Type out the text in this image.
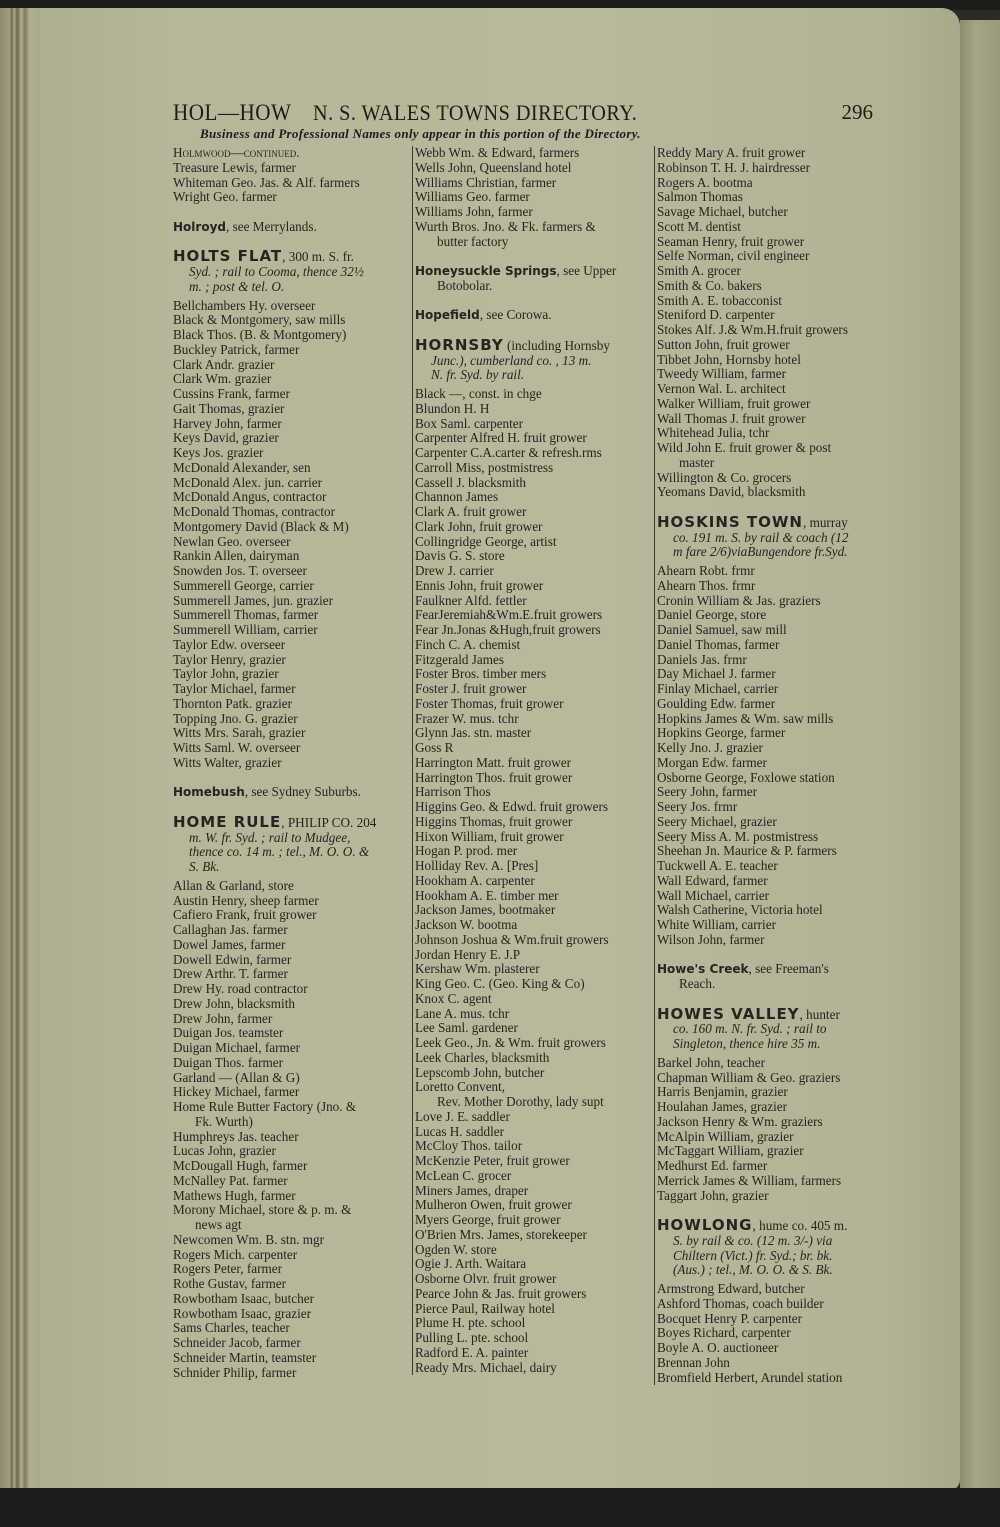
HOL—HOW N. S. WALES TOWNS DIRECTORY.	296
Business and Professional Names only appear in this portion of the Directory.
Holmwood—continued.
Treasure Lewis, farmer
Whiteman Geo. Jas. & Alf. farmers
Wright Geo. farmer
Holroyd, see Merrylands.
HOLTS FLAT, 300 m. S. fr.
Syd. ; rail to Cooma, thence 32½
m. ; post & tel. O.
Bellchambers Hy. overseer
Black & Montgomery, saw mills
Black Thos. (B. & Montgomery)
Buckley Patrick, farmer
Clark Andr. grazier
Clark Wm. grazier
Cussins Frank, farmer
Gait Thomas, grazier
Harvey John, farmer
Keys David, grazier
Keys Jos. grazier
McDonald Alexander, sen
McDonald Alex. jun. carrier
McDonald Angus, contractor
McDonald Thomas, contractor
Montgomery David (Black & M)
Newlan Geo. overseer
Rankin Allen, dairyman
Snowden Jos. T. overseer
Summerell George, carrier
Summerell James, jun. grazier
Summerell Thomas, farmer
Summerell William, carrier
Taylor Edw. overseer
Taylor Henry, grazier
Taylor John, grazier
Taylor Michael, farmer
Thornton Patk. grazier
Topping Jno. G. grazier
Witts Mrs. Sarah, grazier
Witts Saml. W. overseer
Witts Walter, grazier
Homebush, see Sydney Suburbs.
HOME RULE, PHILIP CO. 204
m. W. fr. Syd. ; rail to Mudgee,
thence co. 14 m. ; tel., M. O. O. &
S. Bk.
Allan & Garland, store
Austin Henry, sheep farmer
Cafiero Frank, fruit grower
Callaghan Jas. farmer
Dowel James, farmer
Dowell Edwin, farmer
Drew Arthr. T. farmer
Drew Hy. road contractor
Drew John, blacksmith
Drew John, farmer
Duigan Jos. teamster
Duigan Michael, farmer
Duigan Thos. farmer
Garland — (Allan & G)
Hickey Michael, farmer
Home Rule Butter Factory (Jno. &
Fk. Wurth)
Humphreys Jas. teacher
Lucas John, grazier
McDougall Hugh, farmer
McNalley Pat. farmer
Mathews Hugh, farmer
Morony Michael, store & p. m. &
news agt
Newcomen Wm. B. stn. mgr
Rogers Mich. carpenter
Rogers Peter, farmer
Rothe Gustav, farmer
Rowbotham Isaac, butcher
Rowbotham Isaac, grazier
Sams Charles, teacher
Schneider Jacob, farmer
Schneider Martin, teamster
Schnider Philip, farmer
Webb Wm. & Edward, farmers
Wells John, Queensland hotel
Williams Christian, farmer
Williams Geo. farmer
Williams John, farmer
Wurth Bros. Jno. & Fk. farmers &
butter factory
Honeysuckle Springs, see Upper
Botobolar.
Hopefield, see Corowa.
HORNSBY (including Hornsby
Junc.), cumberland co. , 13 m.
N. fr. Syd. by rail.
Black —, const. in chge
Blundon H. H
Box Saml. carpenter
Carpenter Alfred H. fruit grower
Carpenter C.A.carter & refresh.rms
Carroll Miss, postmistress
Cassell J. blacksmith
Channon James
Clark A. fruit grower
Clark John, fruit grower
Collingridge George, artist
Davis G. S. store
Drew J. carrier
Ennis John, fruit grower
Faulkner Alfd. fettler
FearJeremiah&Wm.E.fruit growers
Fear Jn.Jonas &Hugh,fruit growers
Finch C. A. chemist
Fitzgerald James
Foster Bros. timber mers
Foster J. fruit grower
Foster Thomas, fruit grower
Frazer W. mus. tchr
Glynn Jas. stn. master
Goss R
Harrington Matt. fruit grower
Harrington Thos. fruit grower
Harrison Thos
Higgins Geo. & Edwd. fruit growers
Higgins Thomas, fruit grower
Hixon William, fruit grower
Hogan P. prod. mer
Holliday Rev. A. [Pres]
Hookham A. carpenter
Hookham A. E. timber mer
Jackson James, bootmaker
Jackson W. bootma
Johnson Joshua & Wm.fruit growers
Jordan Henry E. J.P
Kershaw Wm. plasterer
King Geo. C. (Geo. King & Co)
Knox C. agent
Lane A. mus. tchr
Lee Saml. gardener
Leek Geo., Jn. & Wm. fruit growers
Leek Charles, blacksmith
Lepscomb John, butcher
Loretto Convent,
Rev. Mother Dorothy, lady supt
Love J. E. saddler
Lucas H. saddler
McCloy Thos. tailor
McKenzie Peter, fruit grower
McLean C. grocer
Miners James, draper
Mulheron Owen, fruit grower
Myers George, fruit grower
O'Brien Mrs. James, storekeeper
Ogden W. store
Ogie J. Arth. Waitara
Osborne Olvr. fruit grower
Pearce John & Jas. fruit growers
Pierce Paul, Railway hotel
Plume H. pte. school
Pulling L. pte. school
Radford E. A. painter
Ready Mrs. Michael, dairy
Reddy Mary A. fruit grower
Robinson T. H. J. hairdresser
Rogers A. bootma
Salmon Thomas
Savage Michael, butcher
Scott M. dentist
Seaman Henry, fruit grower
Selfe Norman, civil engineer
Smith A. grocer
Smith & Co. bakers
Smith A. E. tobacconist
Steniford D. carpenter
Stokes Alf. J.& Wm.H.fruit growers
Sutton John, fruit grower
Tibbet John, Hornsby hotel
Tweedy William, farmer
Vernon Wal. L. architect
Walker William, fruit grower
Wall Thomas J. fruit grower
Whitehead Julia, tchr
Wild John E. fruit grower & post
master
Willington & Co. grocers
Yeomans David, blacksmith
HOSKINS TOWN, murray
co. 191 m. S. by rail & coach (12
m fare 2/6)viaBungendore fr.Syd.
Ahearn Robt. frmr
Ahearn Thos. frmr
Cronin William & Jas. graziers
Daniel George, store
Daniel Samuel, saw mill
Daniel Thomas, farmer
Daniels Jas. frmr
Day Michael J. farmer
Finlay Michael, carrier
Goulding Edw. farmer
Hopkins James & Wm. saw mills
Hopkins George, farmer
Kelly Jno. J. grazier
Morgan Edw. farmer
Osborne George, Foxlowe station
Seery John, farmer
Seery Jos. frmr
Seery Michael, grazier
Seery Miss A. M. postmistress
Sheehan Jn. Maurice & P. farmers
Tuckwell A. E. teacher
Wall Edward, farmer
Wall Michael, carrier
Walsh Catherine, Victoria hotel
White William, carrier
Wilson John, farmer
Howe's Creek, see Freeman's
Reach.
HOWES VALLEY, hunter
co. 160 m. N. fr. Syd. ; rail to
Singleton, thence hire 35 m.
Barkel John, teacher
Chapman William & Geo. graziers
Harris Benjamin, grazier
Houlahan James, grazier
Jackson Henry & Wm. graziers
McAlpin William, grazier
McTaggart William, grazier
Medhurst Ed. farmer
Merrick James & William, farmers
Taggart John, grazier
HOWLONG, hume co. 405 m.
S. by rail & co. (12 m. 3/-) via
Chiltern (Vict.) fr. Syd.; br. bk.
(Aus.) ; tel., M. O. O. & S. Bk.
Armstrong Edward, butcher
Ashford Thomas, coach builder
Bocquet Henry P. carpenter
Boyes Richard, carpenter
Boyle A. O. auctioneer
Brennan John
Bromfield Herbert, Arundel station
